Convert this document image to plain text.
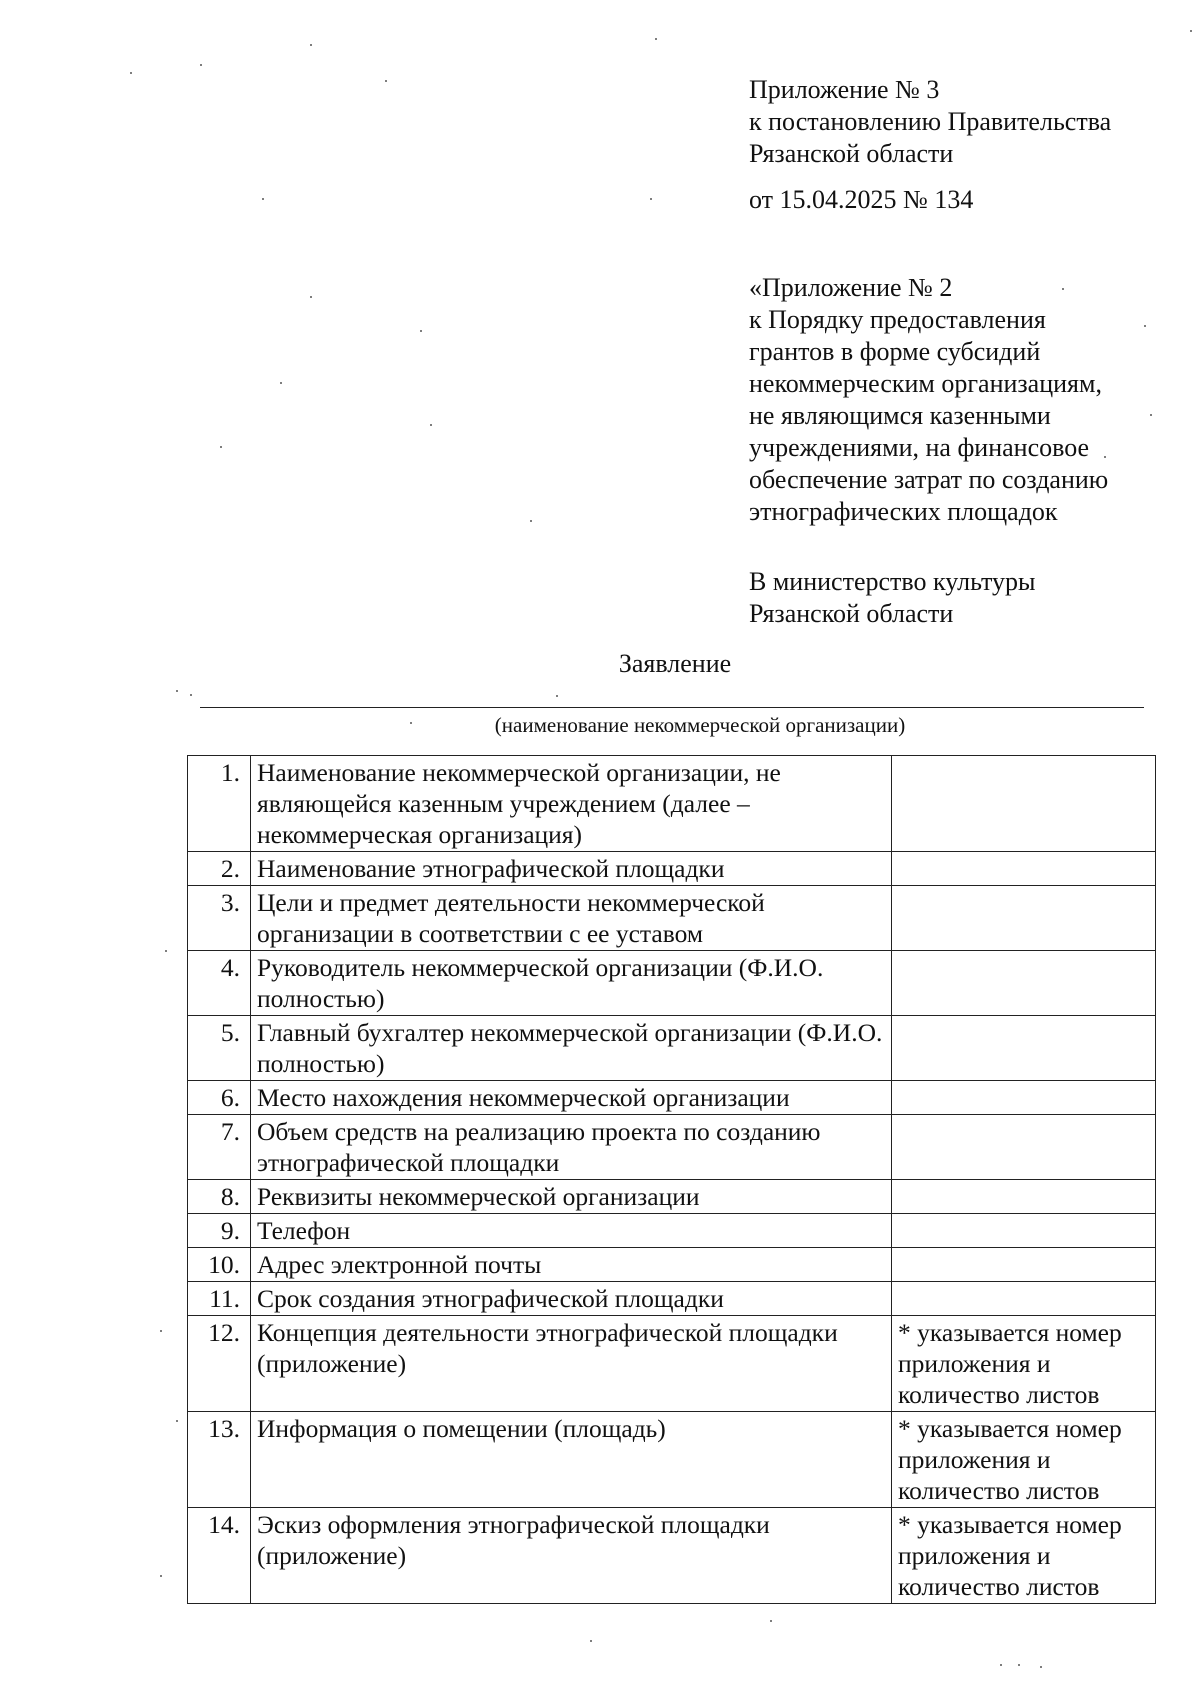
Приложение № 3
к постановлению Правительства
Рязанской области
от 15.04.2025 № 134
«Приложение № 2
к Порядку предоставления
грантов в форме субсидий
некоммерческим организациям,
не являющимся казенными
учреждениями, на финансовое
обеспечение затрат по созданию
этнографических площадок
В министерство культуры
Рязанской области
Заявление
(наименование некоммерческой организации)
1.	Наименование некоммерческой организации, не являющейся казенным учреждением (далее – некоммерческая организация)	
2.	Наименование этнографической площадки	
3.	Цели и предмет деятельности некоммерческой организации в соответствии с ее уставом	
4.	Руководитель некоммерческой организации (Ф.И.О. полностью)	
5.	Главный бухгалтер некоммерческой организации (Ф.И.О. полностью)	
6.	Место нахождения некоммерческой организации	
7.	Объем средств на реализацию проекта по созданию этнографической площадки	
8.	Реквизиты некоммерческой организации	
9.	Телефон	
10.	Адрес электронной почты	
11.	Срок создания этнографической площадки	
12.	Концепция деятельности этнографической площадки (приложение)	* указывается номер приложения и количество листов
13.	Информация о помещении (площадь)	* указывается номер приложения и количество листов
14.	Эскиз оформления этнографической площадки (приложение)	* указывается номер приложения и количество листов
